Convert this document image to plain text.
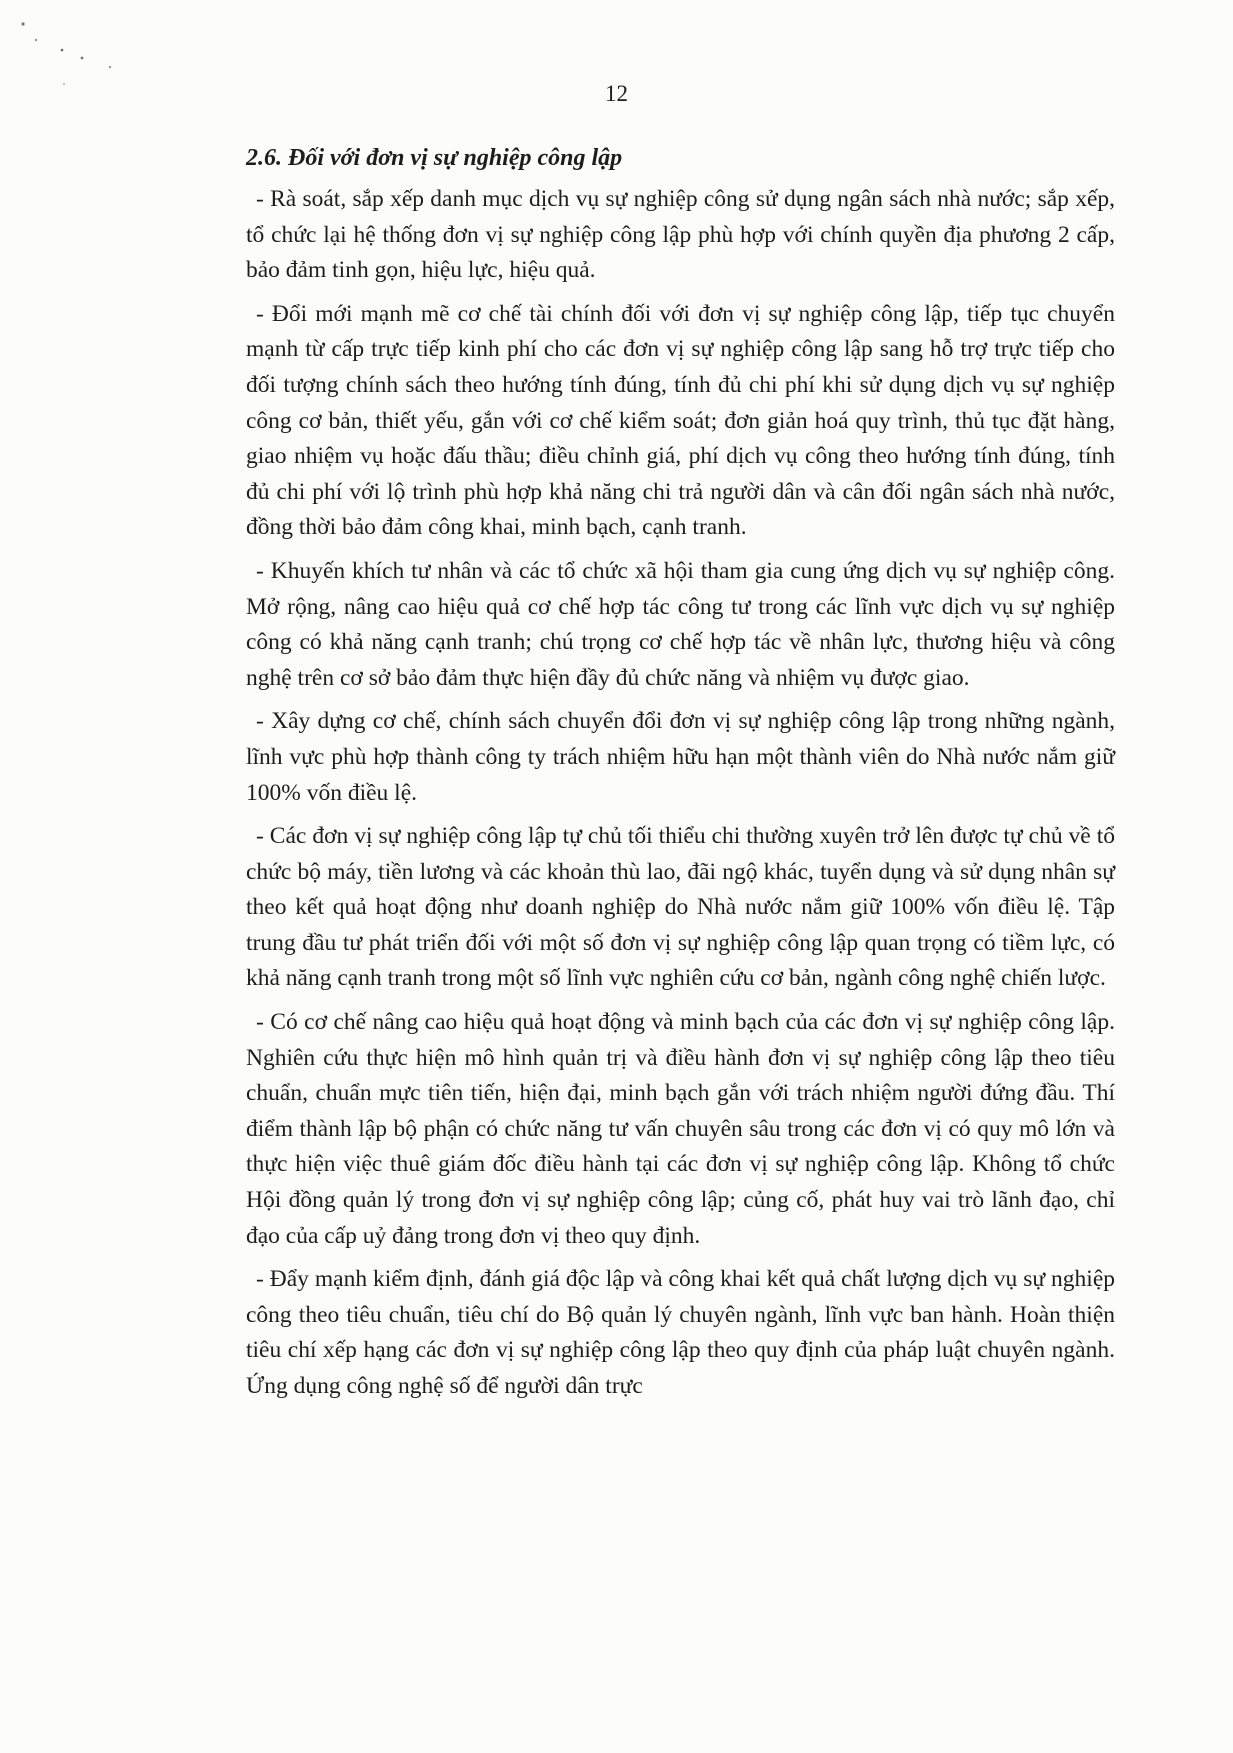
12
2.6. Đối với đơn vị sự nghiệp công lập

- Rà soát, sắp xếp danh mục dịch vụ sự nghiệp công sử dụng ngân sách nhà nước; sắp xếp, tổ chức lại hệ thống đơn vị sự nghiệp công lập phù hợp với chính quyền địa phương 2 cấp, bảo đảm tinh gọn, hiệu lực, hiệu quả.

- Đổi mới mạnh mẽ cơ chế tài chính đối với đơn vị sự nghiệp công lập, tiếp tục chuyển mạnh từ cấp trực tiếp kinh phí cho các đơn vị sự nghiệp công lập sang hỗ trợ trực tiếp cho đối tượng chính sách theo hướng tính đúng, tính đủ chi phí khi sử dụng dịch vụ sự nghiệp công cơ bản, thiết yếu, gắn với cơ chế kiểm soát; đơn giản hoá quy trình, thủ tục đặt hàng, giao nhiệm vụ hoặc đấu thầu; điều chỉnh giá, phí dịch vụ công theo hướng tính đúng, tính đủ chi phí với lộ trình phù hợp khả năng chi trả người dân và cân đối ngân sách nhà nước, đồng thời bảo đảm công khai, minh bạch, cạnh tranh.

- Khuyến khích tư nhân và các tổ chức xã hội tham gia cung ứng dịch vụ sự nghiệp công. Mở rộng, nâng cao hiệu quả cơ chế hợp tác công tư trong các lĩnh vực dịch vụ sự nghiệp công có khả năng cạnh tranh; chú trọng cơ chế hợp tác về nhân lực, thương hiệu và công nghệ trên cơ sở bảo đảm thực hiện đầy đủ chức năng và nhiệm vụ được giao.

- Xây dựng cơ chế, chính sách chuyển đổi đơn vị sự nghiệp công lập trong những ngành, lĩnh vực phù hợp thành công ty trách nhiệm hữu hạn một thành viên do Nhà nước nắm giữ 100% vốn điều lệ.

- Các đơn vị sự nghiệp công lập tự chủ tối thiểu chi thường xuyên trở lên được tự chủ về tổ chức bộ máy, tiền lương và các khoản thù lao, đãi ngộ khác, tuyển dụng và sử dụng nhân sự theo kết quả hoạt động như doanh nghiệp do Nhà nước nắm giữ 100% vốn điều lệ. Tập trung đầu tư phát triển đối với một số đơn vị sự nghiệp công lập quan trọng có tiềm lực, có khả năng cạnh tranh trong một số lĩnh vực nghiên cứu cơ bản, ngành công nghệ chiến lược.

- Có cơ chế nâng cao hiệu quả hoạt động và minh bạch của các đơn vị sự nghiệp công lập. Nghiên cứu thực hiện mô hình quản trị và điều hành đơn vị sự nghiệp công lập theo tiêu chuẩn, chuẩn mực tiên tiến, hiện đại, minh bạch gắn với trách nhiệm người đứng đầu. Thí điểm thành lập bộ phận có chức năng tư vấn chuyên sâu trong các đơn vị có quy mô lớn và thực hiện việc thuê giám đốc điều hành tại các đơn vị sự nghiệp công lập. Không tổ chức Hội đồng quản lý trong đơn vị sự nghiệp công lập; củng cố, phát huy vai trò lãnh đạo, chỉ đạo của cấp uỷ đảng trong đơn vị theo quy định.

- Đẩy mạnh kiểm định, đánh giá độc lập và công khai kết quả chất lượng dịch vụ sự nghiệp công theo tiêu chuẩn, tiêu chí do Bộ quản lý chuyên ngành, lĩnh vực ban hành. Hoàn thiện tiêu chí xếp hạng các đơn vị sự nghiệp công lập theo quy định của pháp luật chuyên ngành. Ứng dụng công nghệ số để người dân trực
